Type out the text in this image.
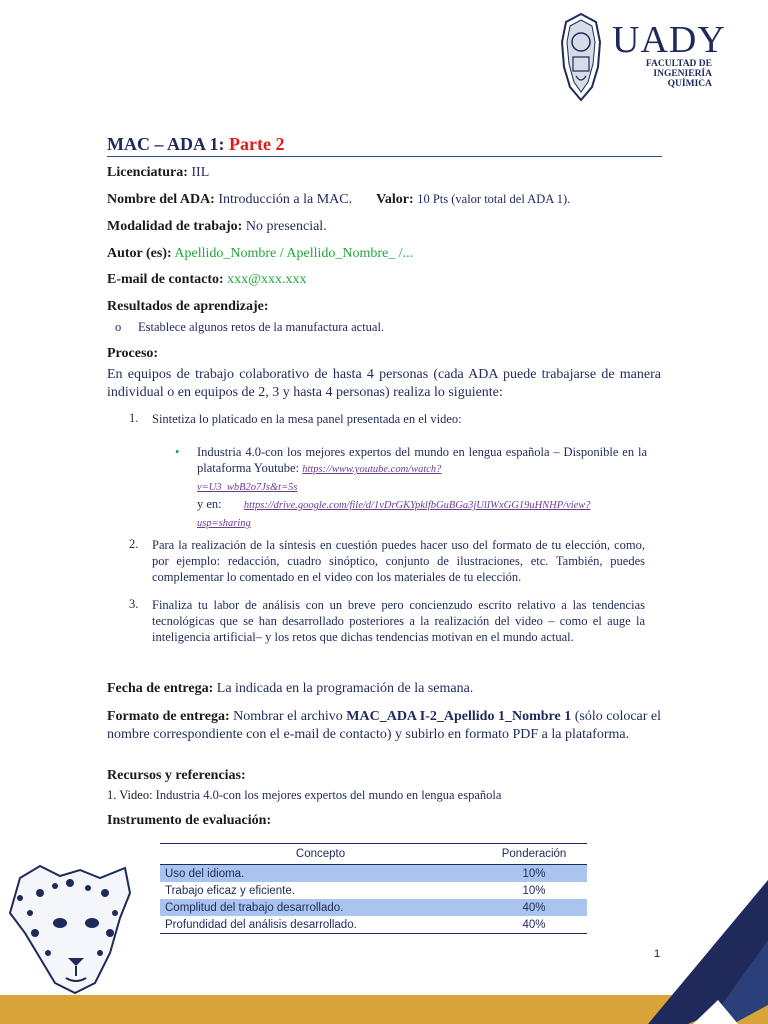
UADY
FACULTAD DE
INGENIERÍA
QUÍMICA
MAC – ADA 1: Parte 2
Licenciatura: IIL
Nombre del ADA: Introducción a la MAC. Valor: 10 Pts (valor total del ADA 1).
Modalidad de trabajo: No presencial.
Autor (es): Apellido_Nombre / Apellido_Nombre_ /...
E-mail de contacto: xxx@xxx.xxx
Resultados de aprendizaje:
o Establece algunos retos de la manufactura actual.
Proceso:
En equipos de trabajo colaborativo de hasta 4 personas (cada ADA puede trabajarse de manera individual o en equipos de 2, 3 y hasta 4 personas) realiza lo siguiente:
1. Sintetiza lo platicado en la mesa panel presentada en el video:
• Industria 4.0-con los mejores expertos del mundo en lengua española – Disponible en la plataforma Youtube: https://www.youtube.com/watch?
v=U3_wbB2o7Js&t=5s
y en: https://drive.google.com/file/d/1vDrGKYpklfbGuBGa3jUlIWxGG19uHNHP/view?
usp=sharing
2. Para la realización de la síntesis en cuestión puedes hacer uso del formato de tu elección, como, por ejemplo: redacción, cuadro sinóptico, conjunto de ilustraciones, etc. También, puedes complementar lo comentado en el video con los materiales de tu elección.
3. Finaliza tu labor de análisis con un breve pero concienzudo escrito relativo a las tendencias tecnológicas que se han desarrollado posteriores a la realización del video – como el auge la inteligencia artificial– y los retos que dichas tendencias motivan en el mundo actual.
Fecha de entrega: La indicada en la programación de la semana.
Formato de entrega: Nombrar el archivo MAC_ADA I-2_Apellido 1_Nombre 1 (sólo colocar el nombre correspondiente con el e-mail de contacto) y subirlo en formato PDF a la plataforma.
Recursos y referencias:
1. Video: Industria 4.0-con los mejores expertos del mundo en lengua española
Instrumento de evaluación:
Concepto	Ponderación
Uso del idioma.	10%
Trabajo eficaz y eficiente.	10%
Complitud del trabajo desarrollado.	40%
Profundidad del análisis desarrollado.	40%
1
